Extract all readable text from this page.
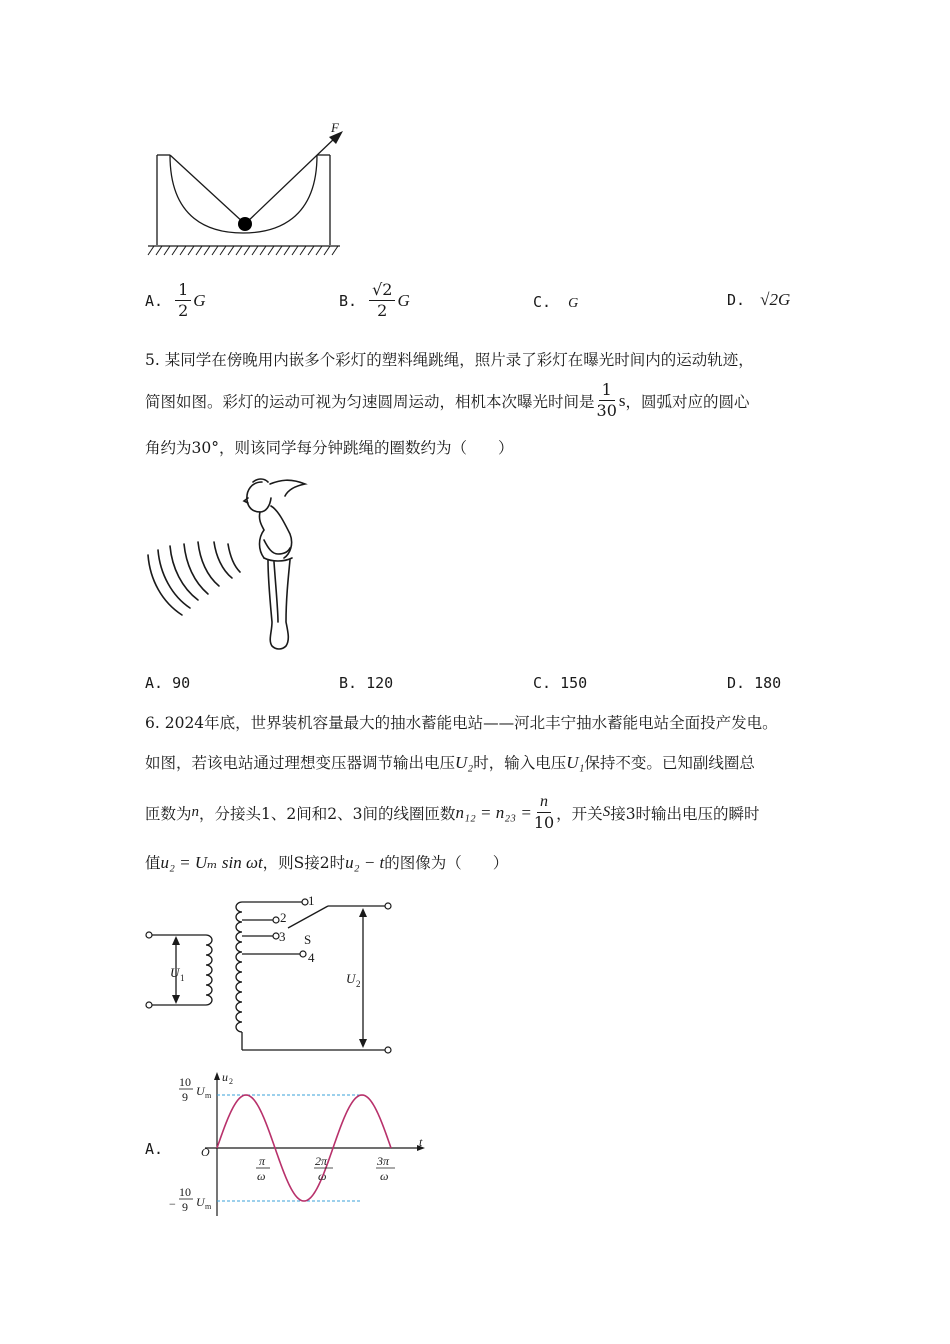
F
A. $\frac{1}{2}$ G	B. $\frac{√2}{2}$ G	C. G	D. √2G
5. 某同学在傍晚用内嵌多个彩灯的塑料绳跳绳，照片录了彩灯在曝光时间内的运动轨迹，
简图如图。彩灯的运动可视为匀速圆周运动，相机本次曝光时间是 $\frac{1}{30}$ s ，圆弧对应的圆心
角约为30°，则该同学每分钟跳绳的圈数约为（　　）
A. 90	B. 120	C. 150	D. 180
6. 2024年底，世界装机容量最大的抽水蓄能电站——河北丰宁抽水蓄能电站全面投产发电。
如图，若该电站通过理想变压器调节输出电压U₂时，输入电压U₁保持不变。已知副线圈总
匝数为 n ，分接头1、2间和2、3间的线圈匝数 $n_{12} = n_{23} = \frac{n}{10}$ ，开关 S 接3时输出电压的瞬时
值u₂ = Uₘ sin ωt，则S接2时u₂ − t的图像为（　　）
1
2
3
4
S
U 1	U 2
A.
u 2
t
O
10
9 U m
−
10
9 U m
π
ω
2π
ω
3π
ω
